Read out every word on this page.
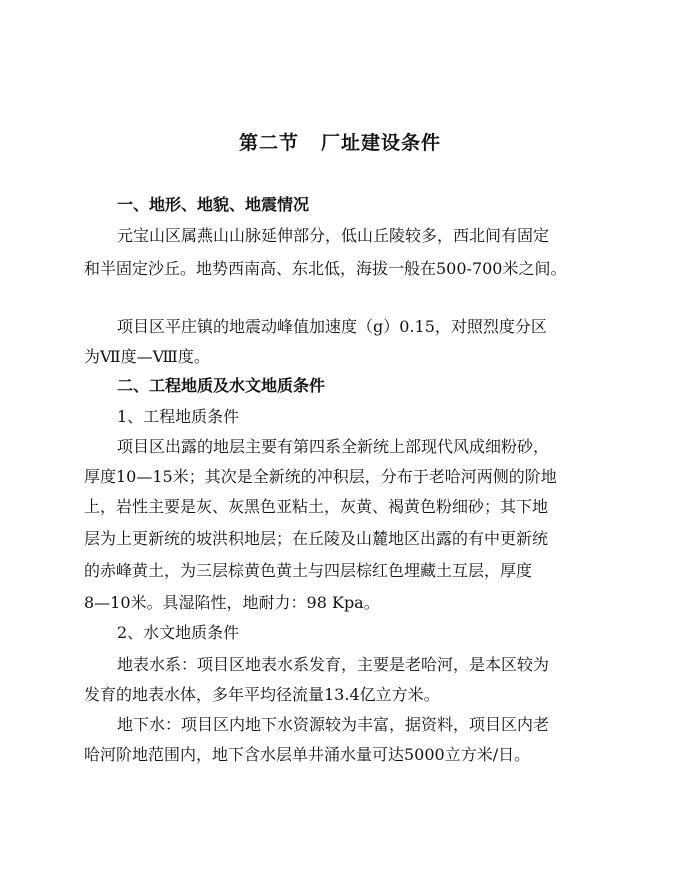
第二节 厂址建设条件
一、地形、地貌、地震情况
元宝山区属燕山山脉延伸部分，低山丘陵较多，西北间有固定
和半固定沙丘。地势西南高、东北低，海拔一般在500-700米之间。
项目区平庄镇的地震动峰值加速度（g）0.15，对照烈度分区
为Ⅶ度—Ⅷ度。
二、工程地质及水文地质条件
1、工程地质条件
项目区出露的地层主要有第四系全新统上部现代风成细粉砂，
厚度10—15米；其次是全新统的冲积层，分布于老哈河两侧的阶地
上，岩性主要是灰、灰黑色亚粘土，灰黄、褐黄色粉细砂；其下地
层为上更新统的坡洪积地层；在丘陵及山麓地区出露的有中更新统
的赤峰黄土，为三层棕黄色黄土与四层棕红色埋藏土互层，厚度
8—10米。具湿陷性，地耐力：98 Kpa。
2、水文地质条件
地表水系：项目区地表水系发育，主要是老哈河，是本区较为
发育的地表水体，多年平均径流量13.4亿立方米。
地下水：项目区内地下水资源较为丰富，据资料，项目区内老
哈河阶地范围内，地下含水层单井涌水量可达5000立方米/日。
